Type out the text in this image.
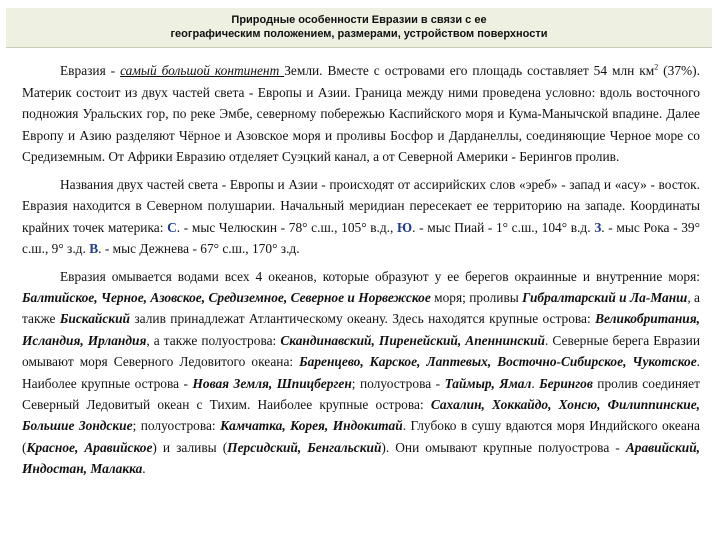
Природные особенности Евразии в связи с ее
географическим положением, размерами, устройством поверхности

Евразия - самый большой континент Земли. Вместе с островами его площадь составляет 54 млн $км^2$ (37%). Материк состоит из двух частей света - Европы и Азии. Граница между ними проведена условно: вдоль восточного подножия Уральских гор, по реке Эмбе, северному побережью Каспийского моря и Кума-Манычской впадине. Далее Европу и Азию разделяют Чёрное и Азовское моря и проливы Босфор и Дарданеллы, соединяющие Черное море со Средиземным. От Африки Евразию отделяет Суэцкий канал, а от Северной Америки - Берингов пролив.

Названия двух частей света - Европы и Азии - происходят от ассирийских слов «эреб» - запад и «асу» - восток. Евразия находится в Северном полушарии. Начальный меридиан пересекает ее территорию на западе. Координаты крайних точек материка: С. - мыс Челюскин - 78° с.ш., 105° в.д., Ю. - мыс Пиай - 1° с.ш., 104° в.д. З. - мыс Рока - 39° с.ш., 9° з.д. В. - мыс Дежнева - 67° с.ш., 170° з.д.

Евразия омывается водами всех 4 океанов, которые образуют у ее берегов окраинные и внутренние моря: Балтийское, Черное, Азовское, Средиземное, Северное и Норвежское моря; проливы Гибралтарский и Ла-Манш, а также Бискайский залив принадлежат Атлантическому океану. Здесь находятся крупные острова: Великобритания, Исландия, Ирландия, а также полуострова: Скандинавский, Пиренейский, Апеннинский. Северные берега Евразии омывают моря Северного Ледовитого океана: Баренцево, Карское, Лаптевых, Восточно-Сибирское, Чукотское. Наиболее крупные острова - Новая Земля, Шпицберген; полуострова - Таймыр, Ямал. Берингов пролив соединяет Северный Ледовитый океан с Тихим. Наиболее крупные острова: Сахалин, Хоккайдо, Хонсю, Филиппинские, Большие Зондские; полуострова: Камчатка, Корея, Индокитай. Глубоко в сушу вдаются моря Индийского океана (Красное, Аравийское) и заливы (Персидский, Бенгальский). Они омывают крупные полуострова - Аравийский, Индостан, Малакка.
